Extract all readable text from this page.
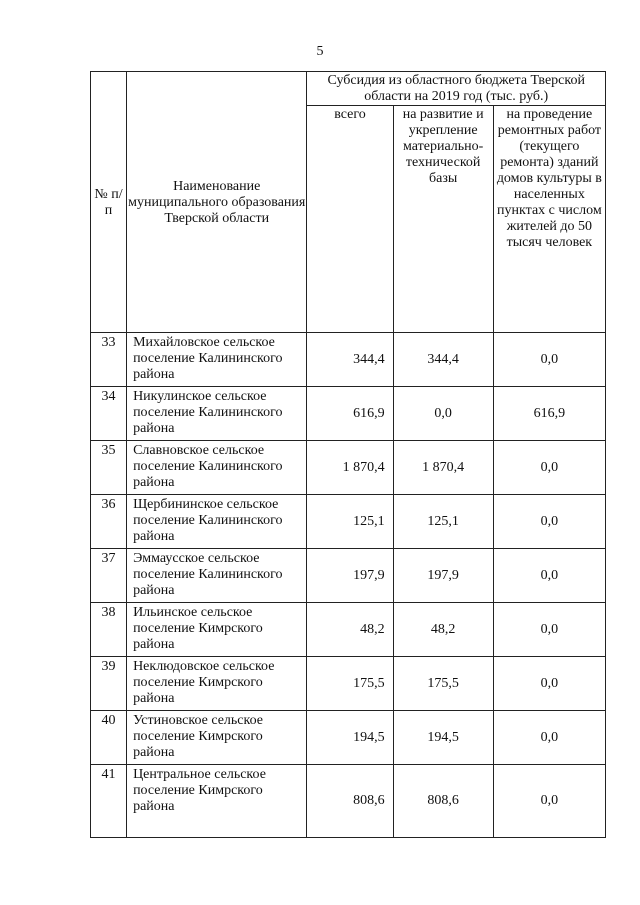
5
№ п/п	Наименование муниципального образования Тверской области	Субсидия из областного бюджета Тверской области на 2019 год (тыс. руб.)		
		всего	на развитие и укрепление материально-технической базы	на проведение ремонтных работ (текущего ремонта) зданий домов культуры в населенных пунктах с числом жителей до 50 тысяч человек
33	Михайловское сельское поселение Калининского района	344,4	344,4	0,0
34	Никулинское сельское поселение Калининского района	616,9	0,0	616,9
35	Славновское сельское поселение Калининского района	1 870,4	1 870,4	0,0
36	Щербининское сельское поселение Калининского района	125,1	125,1	0,0
37	Эммаусское сельское поселение Калининского района	197,9	197,9	0,0
38	Ильинское сельское поселение Кимрского района	48,2	48,2	0,0
39	Неклюдовское сельское поселение Кимрского района	175,5	175,5	0,0
40	Устиновское сельское поселение Кимрского района	194,5	194,5	0,0
41	Центральное сельское поселение Кимрского района	808,6	808,6	0,0
